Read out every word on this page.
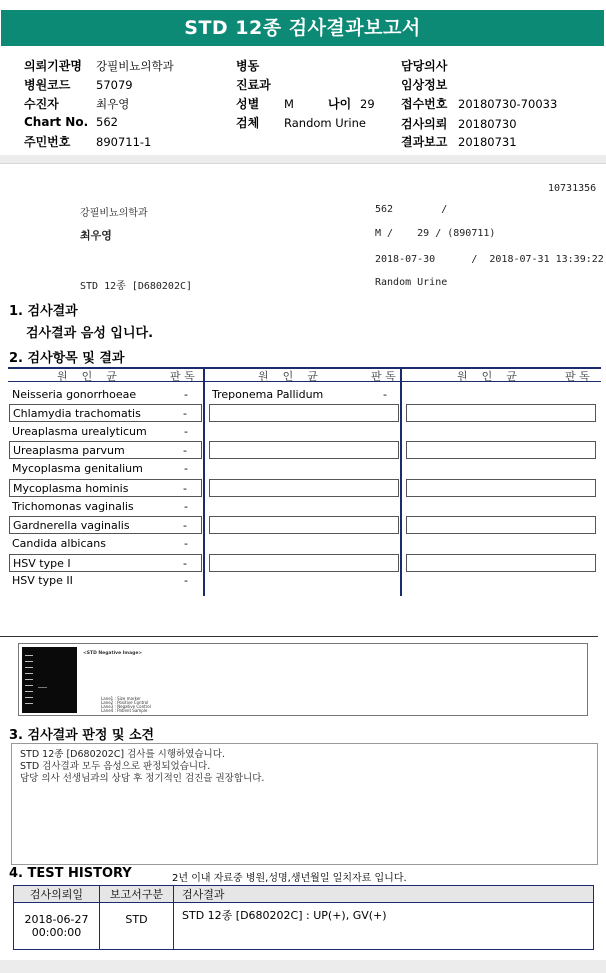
STD 12종 검사결과보고서
의뢰기관명 강필비뇨의학과
병원코드 57079
수진자	최우영
Chart No. 562
주민번호 890711-1
병동
진료과
성별 M	나이 29
검체 Random Urine
담당의사
임상정보
접수번호 20180730-70033
검사의뢰 20180730
결과보고 20180731
10731356
강필비뇨의학과	562        /
최우영	M /    29 / (890711)
2018-07-30      /  2018-07-31 13:39:22
STD 12종 [D680202C]	Random Urine
1. 검사결과
검사결과 음성 입니다.
2. 검사항목 및 결과
원    인    균	판 독	원    인    균	판 독	원    인    균	판 독
Neisseria gonorrhoeae	-
Chlamydia trachomatis	-
Ureaplasma urealyticum	-
Ureaplasma parvum	-
Mycoplasma genitalium	-
Mycoplasma hominis	-
Trichomonas vaginalis	-
Gardnerella vaginalis	-
Candida albicans	-
HSV type I	-
HSV type II	-
Treponema Pallidum	-
<STD Negative Image>
Lane1 : Size marker
Lane2 : Positive Control
Lane3 : Negative Control
Lane4 : Patient Sample
3. 검사결과 판정 및 소견
STD 12종 [D680202C] 검사를 시행하였습니다.
STD 검사결과 모두 음성으로 판정되었습니다.
담당 의사 선생님과의 상담 후 정기적인 검진을 권장합니다.
4. TEST HISTORY	2년 이내 자료중 병원,성명,생년월일 일치자료 입니다.
검사의뢰일	보고서구분	검사결과

2018-06-27
00:00:00	STD	STD 12종 [D680202C] : UP(+), GV(+)
